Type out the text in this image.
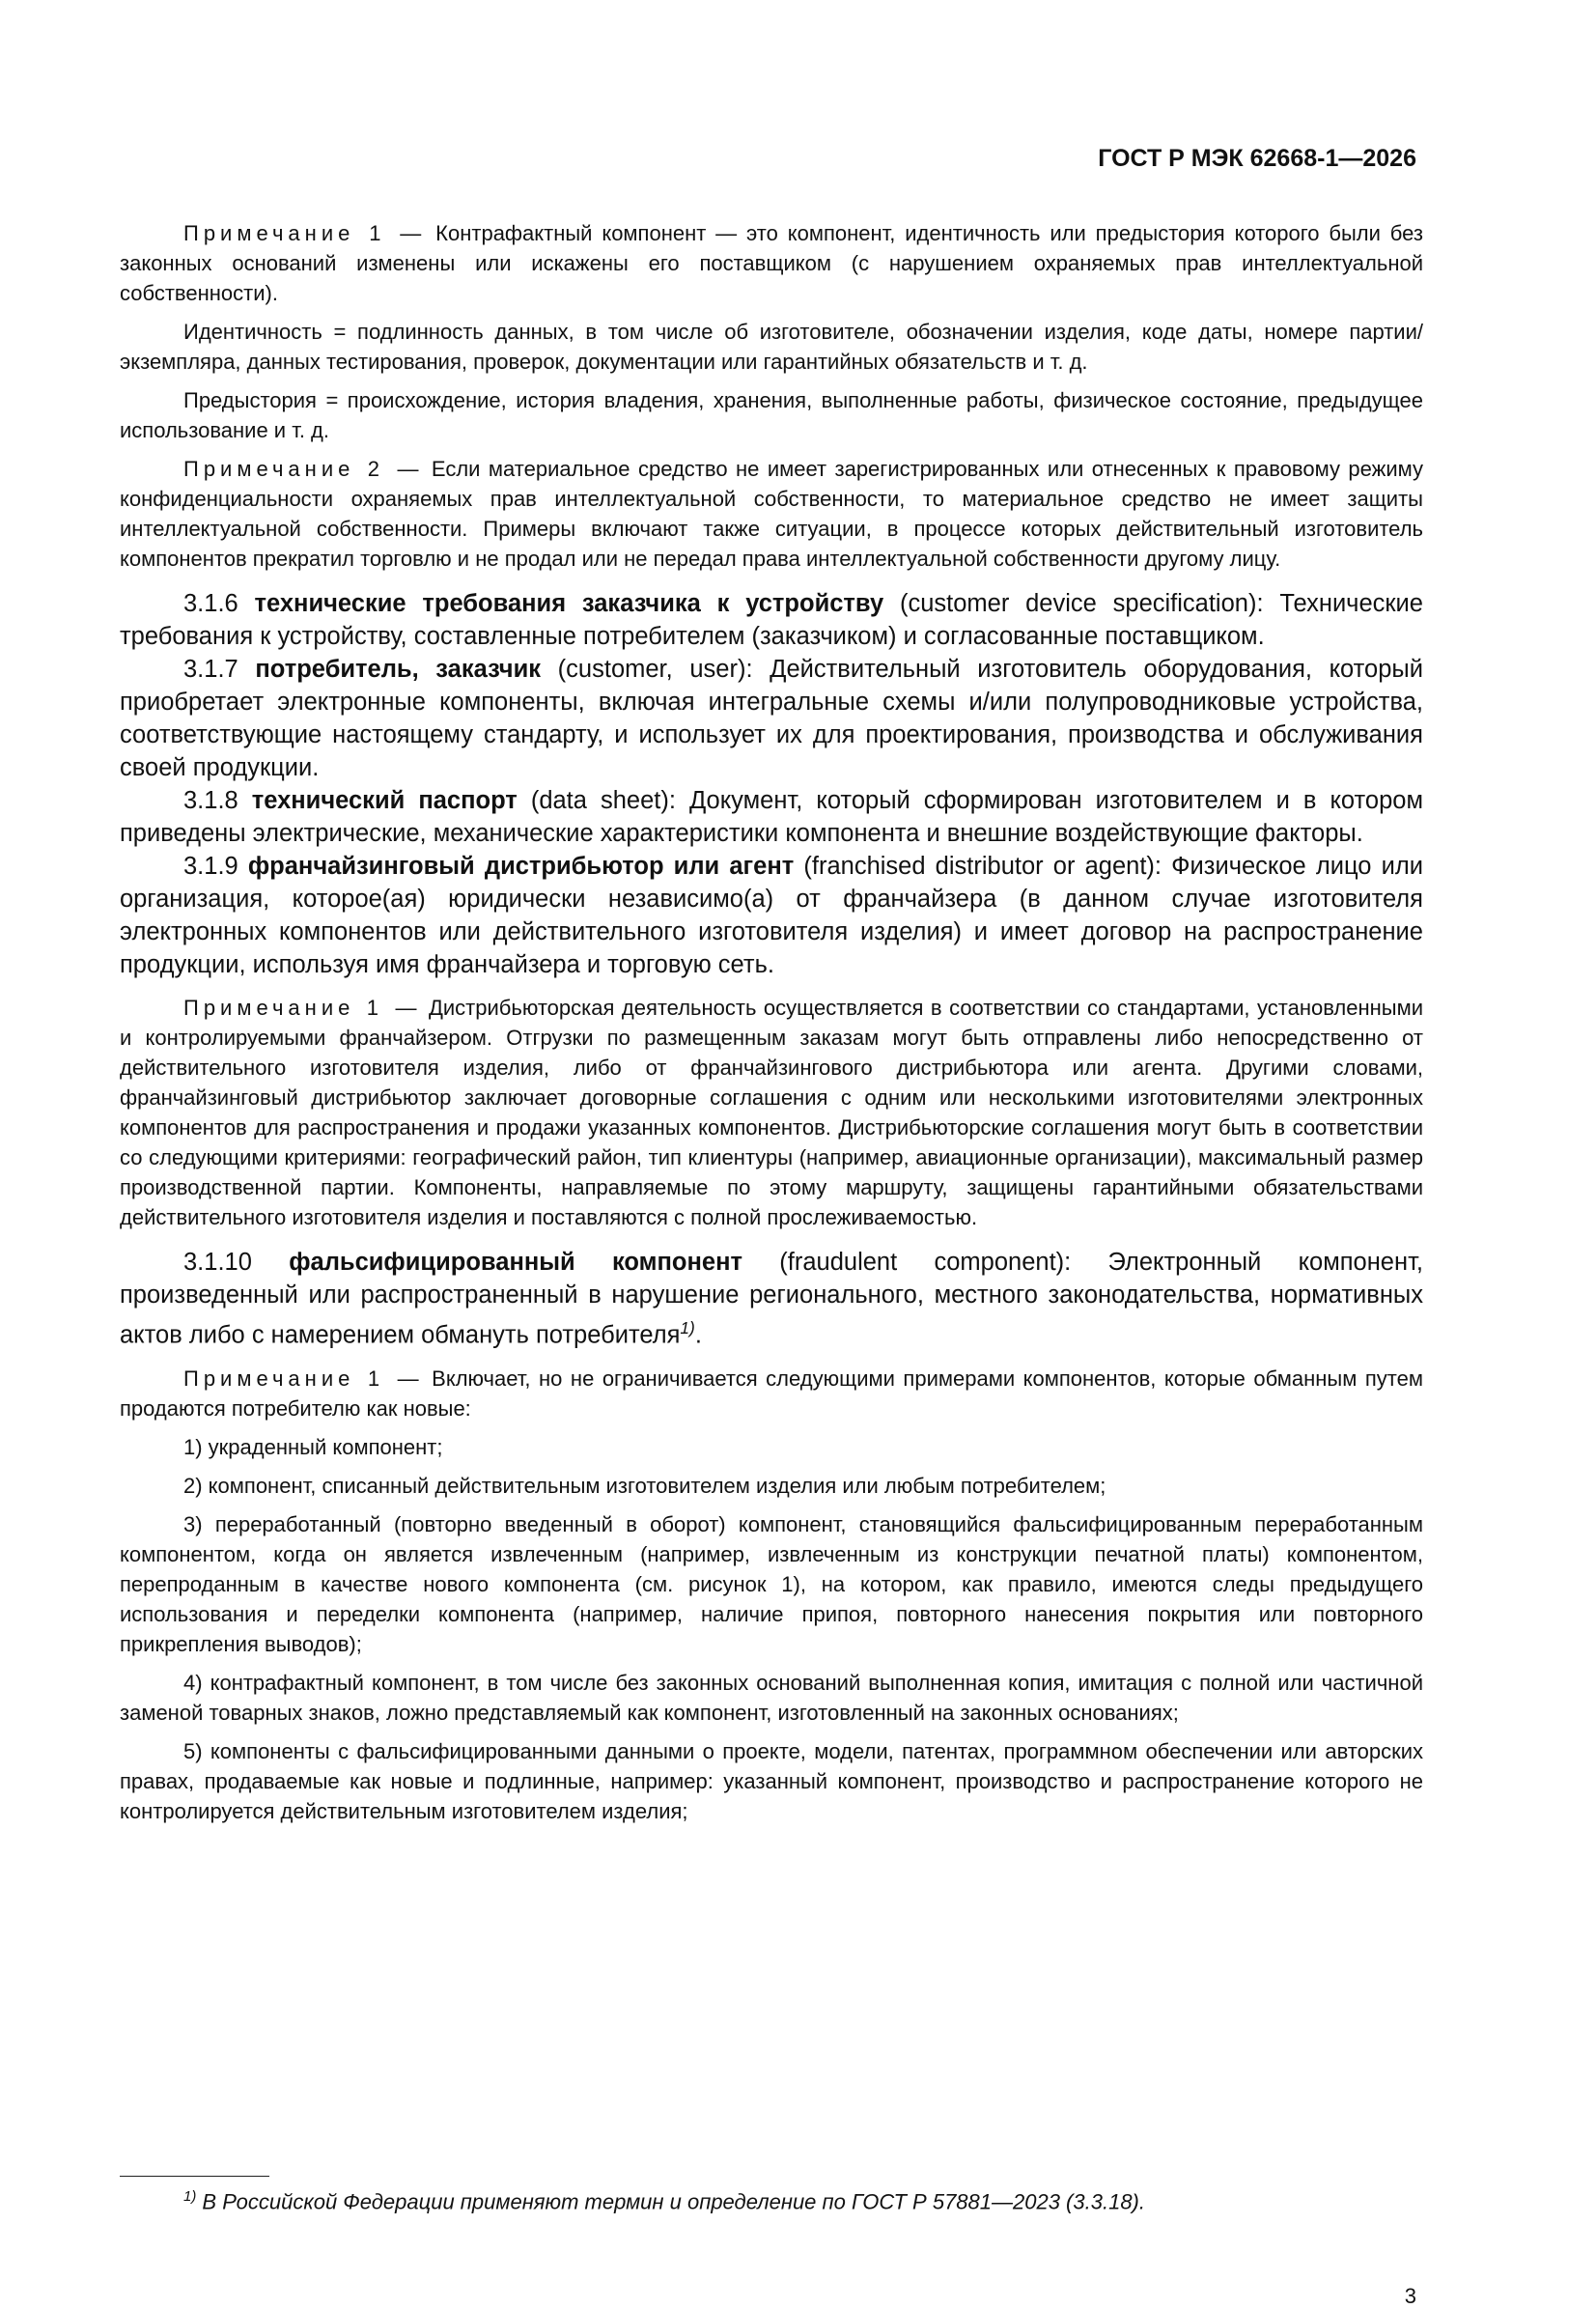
ГОСТ Р МЭК 62668-1—2026

Примечание 1 — Контрафактный компонент — это компонент, идентичность или предыстория которого были без законных оснований изменены или искажены его поставщиком (с нарушением охраняемых прав интеллектуальной собственности).

Идентичность = подлинность данных, в том числе об изготовителе, обозначении изделия, коде даты, номере партии/экземпляра, данных тестирования, проверок, документации или гарантийных обязательств и т. д.

Предыстория = происхождение, история владения, хранения, выполненные работы, физическое состояние, предыдущее использование и т. д.

Примечание 2 — Если материальное средство не имеет зарегистрированных или отнесенных к правовому режиму конфиденциальности охраняемых прав интеллектуальной собственности, то материальное средство не имеет защиты интеллектуальной собственности. Примеры включают также ситуации, в процессе которых действительный изготовитель компонентов прекратил торговлю и не продал или не передал права интеллектуальной собственности другому лицу.

3.1.6 технические требования заказчика к устройству (customer device specification): Технические требования к устройству, составленные потребителем (заказчиком) и согласованные поставщиком.

3.1.7 потребитель, заказчик (customer, user): Действительный изготовитель оборудования, который приобретает электронные компоненты, включая интегральные схемы и/или полупроводниковые устройства, соответствующие настоящему стандарту, и использует их для проектирования, производства и обслуживания своей продукции.

3.1.8 технический паспорт (data sheet): Документ, который сформирован изготовителем и в котором приведены электрические, механические характеристики компонента и внешние воздействующие факторы.

3.1.9 франчайзинговый дистрибьютор или агент (franchised distributor or agent): Физическое лицо или организация, которое(ая) юридически независимо(а) от франчайзера (в данном случае изготовителя электронных компонентов или действительного изготовителя изделия) и имеет договор на распространение продукции, используя имя франчайзера и торговую сеть.

Примечание 1 — Дистрибьюторская деятельность осуществляется в соответствии со стандартами, установленными и контролируемыми франчайзером. Отгрузки по размещенным заказам могут быть отправлены либо непосредственно от действительного изготовителя изделия, либо от франчайзингового дистрибьютора или агента. Другими словами, франчайзинговый дистрибьютор заключает договорные соглашения с одним или несколькими изготовителями электронных компонентов для распространения и продажи указанных компонентов. Дистрибьюторские соглашения могут быть в соответствии со следующими критериями: географический район, тип клиентуры (например, авиационные организации), максимальный размер производственной партии. Компоненты, направляемые по этому маршруту, защищены гарантийными обязательствами действительного изготовителя изделия и поставляются с полной прослеживаемостью.

3.1.10 фальсифицированный компонент (fraudulent component): Электронный компонент, произведенный или распространенный в нарушение регионального, местного законодательства, нормативных актов либо с намерением обмануть потребителя$^{1)}$.

Примечание 1 — Включает, но не ограничивается следующими примерами компонентов, которые обманным путем продаются потребителю как новые:

1) украденный компонент;

2) компонент, списанный действительным изготовителем изделия или любым потребителем;

3) переработанный (повторно введенный в оборот) компонент, становящийся фальсифицированным переработанным компонентом, когда он является извлеченным (например, извлеченным из конструкции печатной платы) компонентом, перепроданным в качестве нового компонента (см. рисунок 1), на котором, как правило, имеются следы предыдущего использования и переделки компонента (например, наличие припоя, повторного нанесения покрытия или повторного прикрепления выводов);

4) контрафактный компонент, в том числе без законных оснований выполненная копия, имитация с полной или частичной заменой товарных знаков, ложно представляемый как компонент, изготовленный на законных основаниях;

5) компоненты с фальсифицированными данными о проекте, модели, патентах, программном обеспечении или авторских правах, продаваемые как новые и подлинные, например: указанный компонент, производство и распространение которого не контролируется действительным изготовителем изделия;

$^{1)}$ В Российской Федерации применяют термин и определение по ГОСТ Р 57881—2023 (3.3.18).
3
